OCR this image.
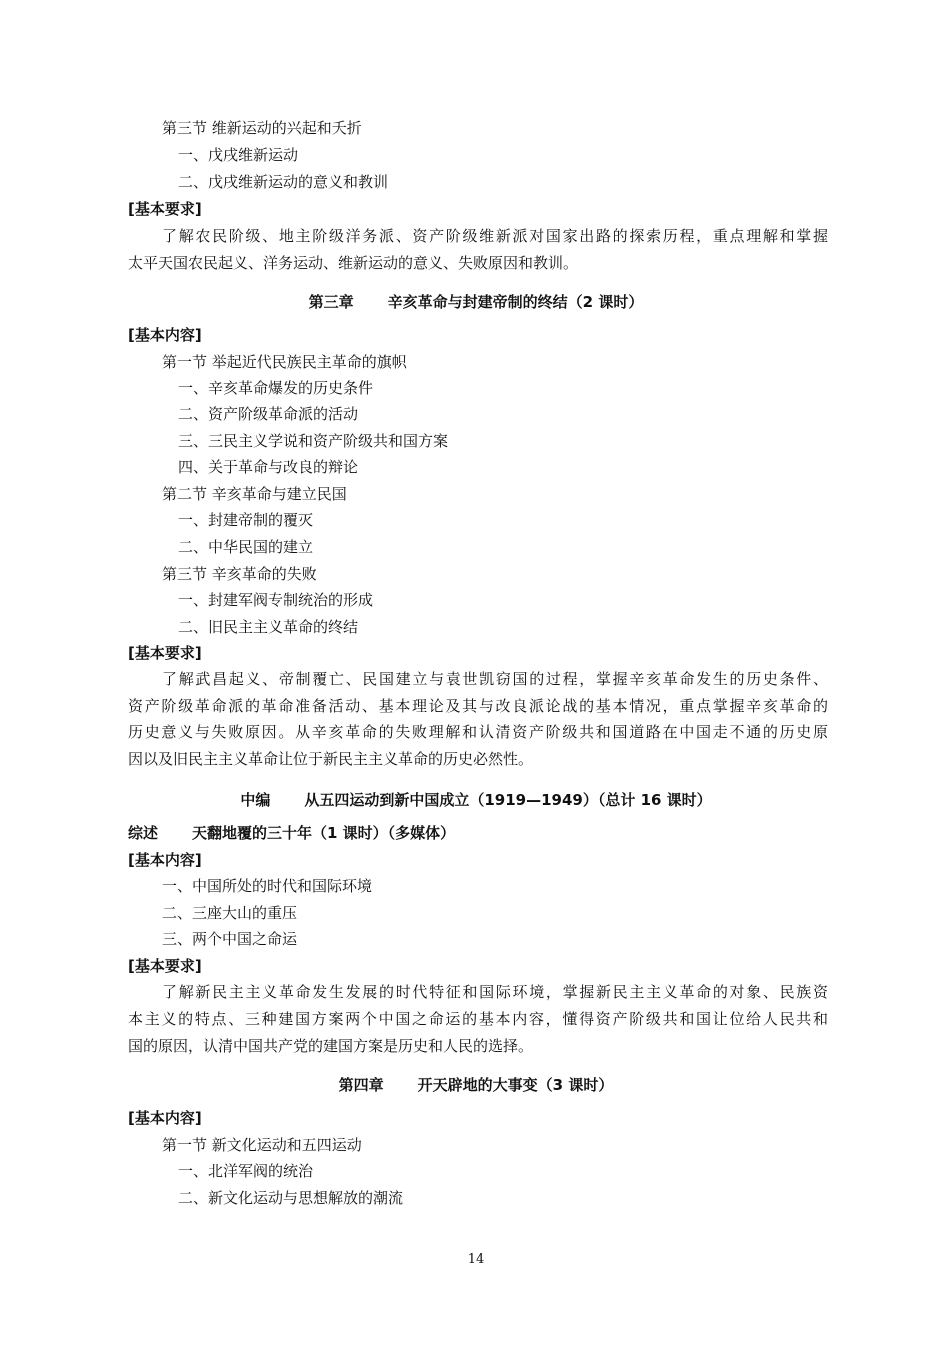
第三节 维新运动的兴起和夭折
一、戊戌维新运动
二、戊戌维新运动的意义和教训
[基本要求]
了解农民阶级、地主阶级洋务派、资产阶级维新派对国家出路的探索历程，重点理解和掌握
太平天国农民起义、洋务运动、维新运动的意义、失败原因和教训。
第三章 辛亥革命与封建帝制的终结（2 课时）
[基本内容]
第一节 举起近代民族民主革命的旗帜
一、辛亥革命爆发的历史条件
二、资产阶级革命派的活动
三、三民主义学说和资产阶级共和国方案
四、关于革命与改良的辩论
第二节 辛亥革命与建立民国
一、封建帝制的覆灭
二、中华民国的建立
第三节 辛亥革命的失败
一、封建军阀专制统治的形成
二、旧民主主义革命的终结
[基本要求]
了解武昌起义、帝制覆亡、民国建立与袁世凯窃国的过程，掌握辛亥革命发生的历史条件、
资产阶级革命派的革命准备活动、基本理论及其与改良派论战的基本情况，重点掌握辛亥革命的
历史意义与失败原因。从辛亥革命的失败理解和认清资产阶级共和国道路在中国走不通的历史原
因以及旧民主主义革命让位于新民主主义革命的历史必然性。
中编 从五四运动到新中国成立（1919—1949）（总计 16 课时）
综述 天翻地覆的三十年（1 课时）（多媒体）
[基本内容]
一、中国所处的时代和国际环境
二、三座大山的重压
三、两个中国之命运
[基本要求]
了解新民主主义革命发生发展的时代特征和国际环境，掌握新民主主义革命的对象、民族资
本主义的特点、三种建国方案两个中国之命运的基本内容，懂得资产阶级共和国让位给人民共和
国的原因，认清中国共产党的建国方案是历史和人民的选择。
第四章 开天辟地的大事变（3 课时）
[基本内容]
第一节 新文化运动和五四运动
一、北洋军阀的统治
二、新文化运动与思想解放的潮流
14
